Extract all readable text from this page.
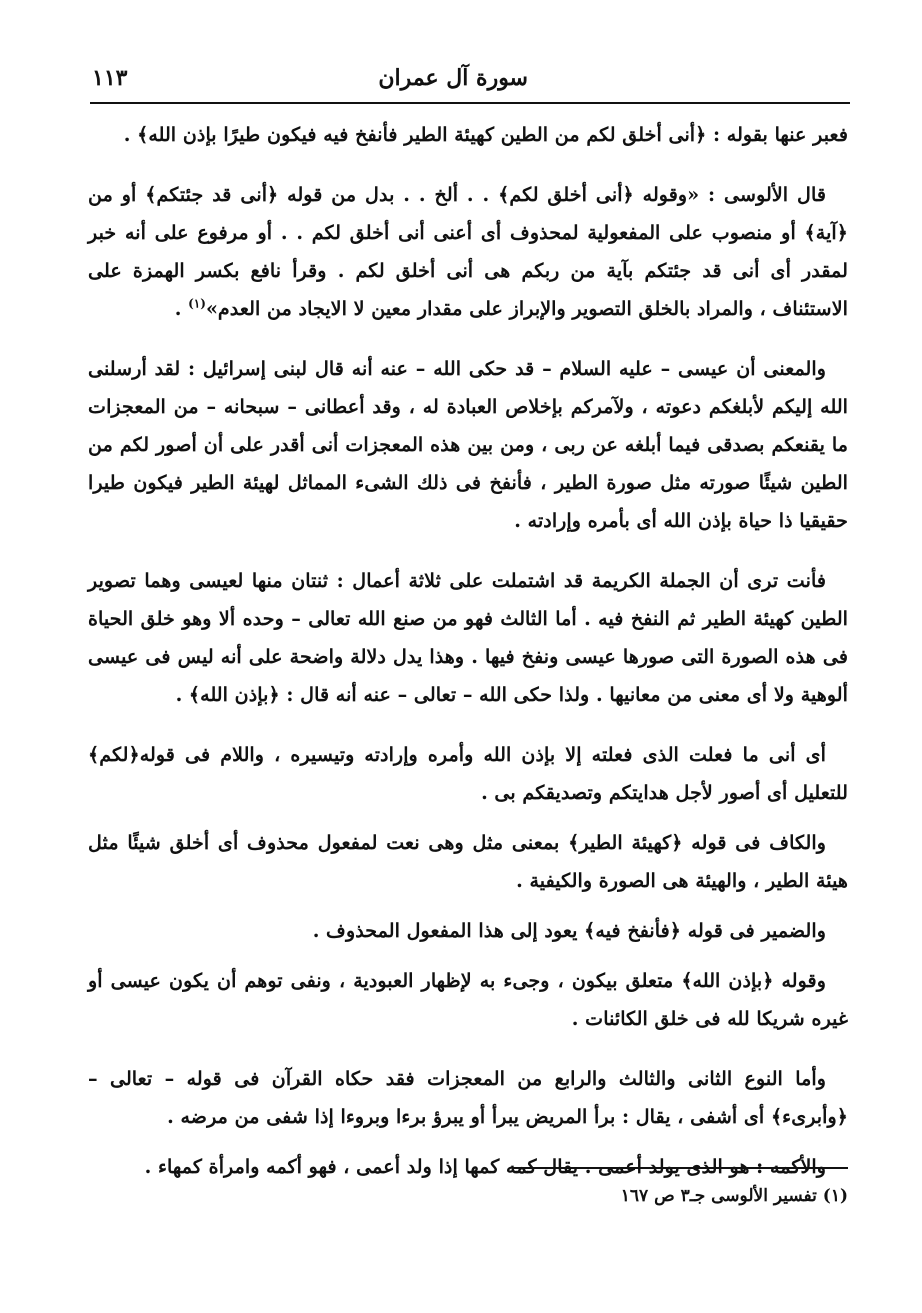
سورة آل عمران
١١٣

فعبر عنها بقوله : ﴿أنى أخلق لكم من الطين كهيئة الطير فأنفخ فيه فيكون طيرًا بإذن الله﴾ .

قال الألوسى : «وقوله ﴿أنى أخلق لكم﴾ . . ألخ . . بدل من قوله ﴿أنى قد جئتكم﴾ أو من ﴿آية﴾ أو منصوب على المفعولية لمحذوف أى أعنى أنى أخلق لكم . . أو مرفوع على أنه خبر لمقدر أى أنى قد جئتكم بآية من ربكم هى أنى أخلق لكم . وقرأ نافع بكسر الهمزة على الاستئناف ، والمراد بالخلق التصوير والإبراز على مقدار معين لا الايجاد من العدم»$^{(١)}$ .

والمعنى أن عيسى – عليه السلام – قد حكى الله – عنه أنه قال لبنى إسرائيل : لقد أرسلنى الله إليكم لأبلغكم دعوته ، ولآمركم بإخلاص العبادة له ، وقد أعطانى – سبحانه – من المعجزات ما يقنعكم بصدقى فيما أبلغه عن ربى ، ومن بين هذه المعجزات أنى أقدر على أن أصور لكم من الطين شيئًا صورته مثل صورة الطير ، فأنفخ فى ذلك الشىء المماثل لهيئة الطير فيكون طيرا حقيقيا ذا حياة بإذن الله أى بأمره وإرادته .

فأنت ترى أن الجملة الكريمة قد اشتملت على ثلاثة أعمال : ثنتان منها لعيسى وهما تصوير الطين كهيئة الطير ثم النفخ فيه . أما الثالث فهو من صنع الله تعالى – وحده ألا وهو خلق الحياة فى هذه الصورة التى صورها عيسى ونفخ فيها . وهذا يدل دلالة واضحة على أنه ليس فى عيسى ألوهية ولا أى معنى من معانيها . ولذا حكى الله – تعالى – عنه أنه قال : ﴿بإذن الله﴾ .

أى أنى ما فعلت الذى فعلته إلا بإذن الله وأمره وإرادته وتيسيره ، واللام فى قوله﴿لكم﴾ للتعليل أى أصور لأجل هدايتكم وتصديقكم بى .

والكاف فى قوله ﴿كهيئة الطير﴾ بمعنى مثل وهى نعت لمفعول محذوف أى أخلق شيئًا مثل هيئة الطير ، والهيئة هى الصورة والكيفية .

والضمير فى قوله ﴿فأنفخ فيه﴾ يعود إلى هذا المفعول المحذوف .

وقوله ﴿بإذن الله﴾ متعلق بيكون ، وجىء به لإظهار العبودية ، ونفى توهم أن يكون عيسى أو غيره شريكا لله فى خلق الكائنات .

وأما النوع الثانى والثالث والرابع من المعجزات فقد حكاه القرآن فى قوله – تعالى – ﴿وأبرىء﴾ أى أشفى ، يقال : برأ المريض يبرأ أو يبرؤ برءا وبروءا إذا شفى من مرضه .

والأكمه : هو الذى يولد أعمى . يقال كمه كمها إذا ولد أعمى ، فهو أكمه وامرأة كمهاء .

(١) تفسير الألوسى جـ٣ ص ١٦٧
